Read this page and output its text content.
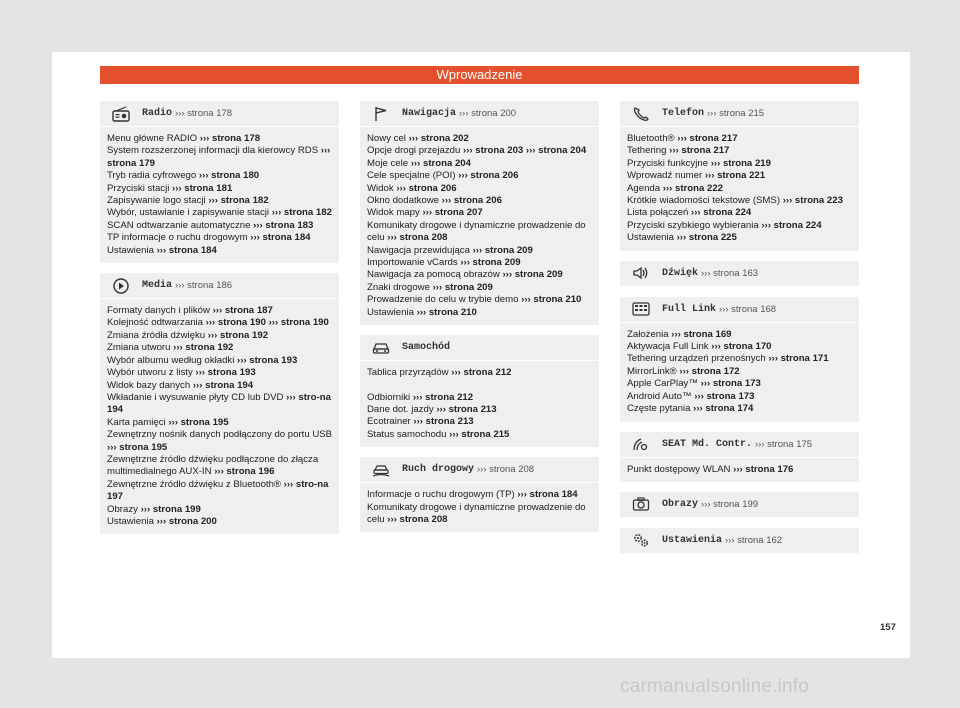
Wprowadzenie
Radio ››› strona 178
Menu główne RADIO ››› strona 178
System rozszerzonej informacji dla kierowcy RDS ››› strona 179
Tryb radia cyfrowego ››› strona 180
Przyciski stacji ››› strona 181
Zapisywanie logo stacji ››› strona 182
Wybór, ustawianie i zapisywanie stacji ››› strona 182
SCAN odtwarzanie automatyczne ››› strona 183
TP informacje o ruchu drogowym ››› strona 184
Ustawienia ››› strona 184
Media ››› strona 186
Formaty danych i plików ››› strona 187
Kolejność odtwarzania ››› strona 190 ››› strona 190
Zmiana źródła dźwięku ››› strona 192
Zmiana utworu ››› strona 192
Wybór albumu według okładki ››› strona 193
Wybór utworu z listy ››› strona 193
Widok bazy danych ››› strona 194
Wkładanie i wysuwanie płyty CD lub DVD ››› stro-na 194
Karta pamięci ››› strona 195
Zewnętrzny nośnik danych podłączony do portu USB ››› strona 195
Zewnętrzne źródło dźwięku podłączone do złącza multimedialnego AUX-IN ››› strona 196
Zewnętrzne źródło dźwięku z Bluetooth® ››› stro-na 197
Obrazy ››› strona 199
Ustawienia ››› strona 200
Nawigacja ››› strona 200
Nowy cel ››› strona 202
Opcje drogi przejazdu ››› strona 203 ››› strona 204
Moje cele ››› strona 204
Cele specjalne (POI) ››› strona 206
Widok ››› strona 206
Okno dodatkowe ››› strona 206
Widok mapy ››› strona 207
Komunikaty drogowe i dynamiczne prowadzenie do celu ››› strona 208
Nawigacja przewidująca ››› strona 209
Importowanie vCards ››› strona 209
Nawigacja za pomocą obrazów ››› strona 209
Znaki drogowe ››› strona 209
Prowadzenie do celu w trybie demo ››› strona 210
Ustawienia ››› strona 210
Samochód
Tablica przyrządów ››› strona 212
Odbiorniki ››› strona 212
Dane dot. jazdy ››› strona 213
Ecotrainer ››› strona 213
Status samochodu ››› strona 215
Ruch drogowy ››› strona 208
Informacje o ruchu drogowym (TP) ››› strona 184
Komunikaty drogowe i dynamiczne prowadzenie do celu ››› strona 208
Telefon ››› strona 215
Bluetooth® ››› strona 217
Tethering ››› strona 217
Przyciski funkcyjne ››› strona 219
Wprowadź numer ››› strona 221
Agenda ››› strona 222
Krótkie wiadomości tekstowe (SMS) ››› strona 223
Lista połączeń ››› strona 224
Przyciski szybkiego wybierania ››› strona 224
Ustawienia ››› strona 225
Dźwięk ››› strona 163
Full Link ››› strona 168
Założenia ››› strona 169
Aktywacja Full Link ››› strona 170
Tethering urządzeń przenośnych ››› strona 171
MirrorLink® ››› strona 172
Apple CarPlay™ ››› strona 173
Android Auto™ ››› strona 173
Częste pytania ››› strona 174
SEAT Md. Contr. ››› strona 175
Punkt dostępowy WLAN ››› strona 176
Obrazy ››› strona 199
Ustawienia ››› strona 162
157
carmanualsonline.info
